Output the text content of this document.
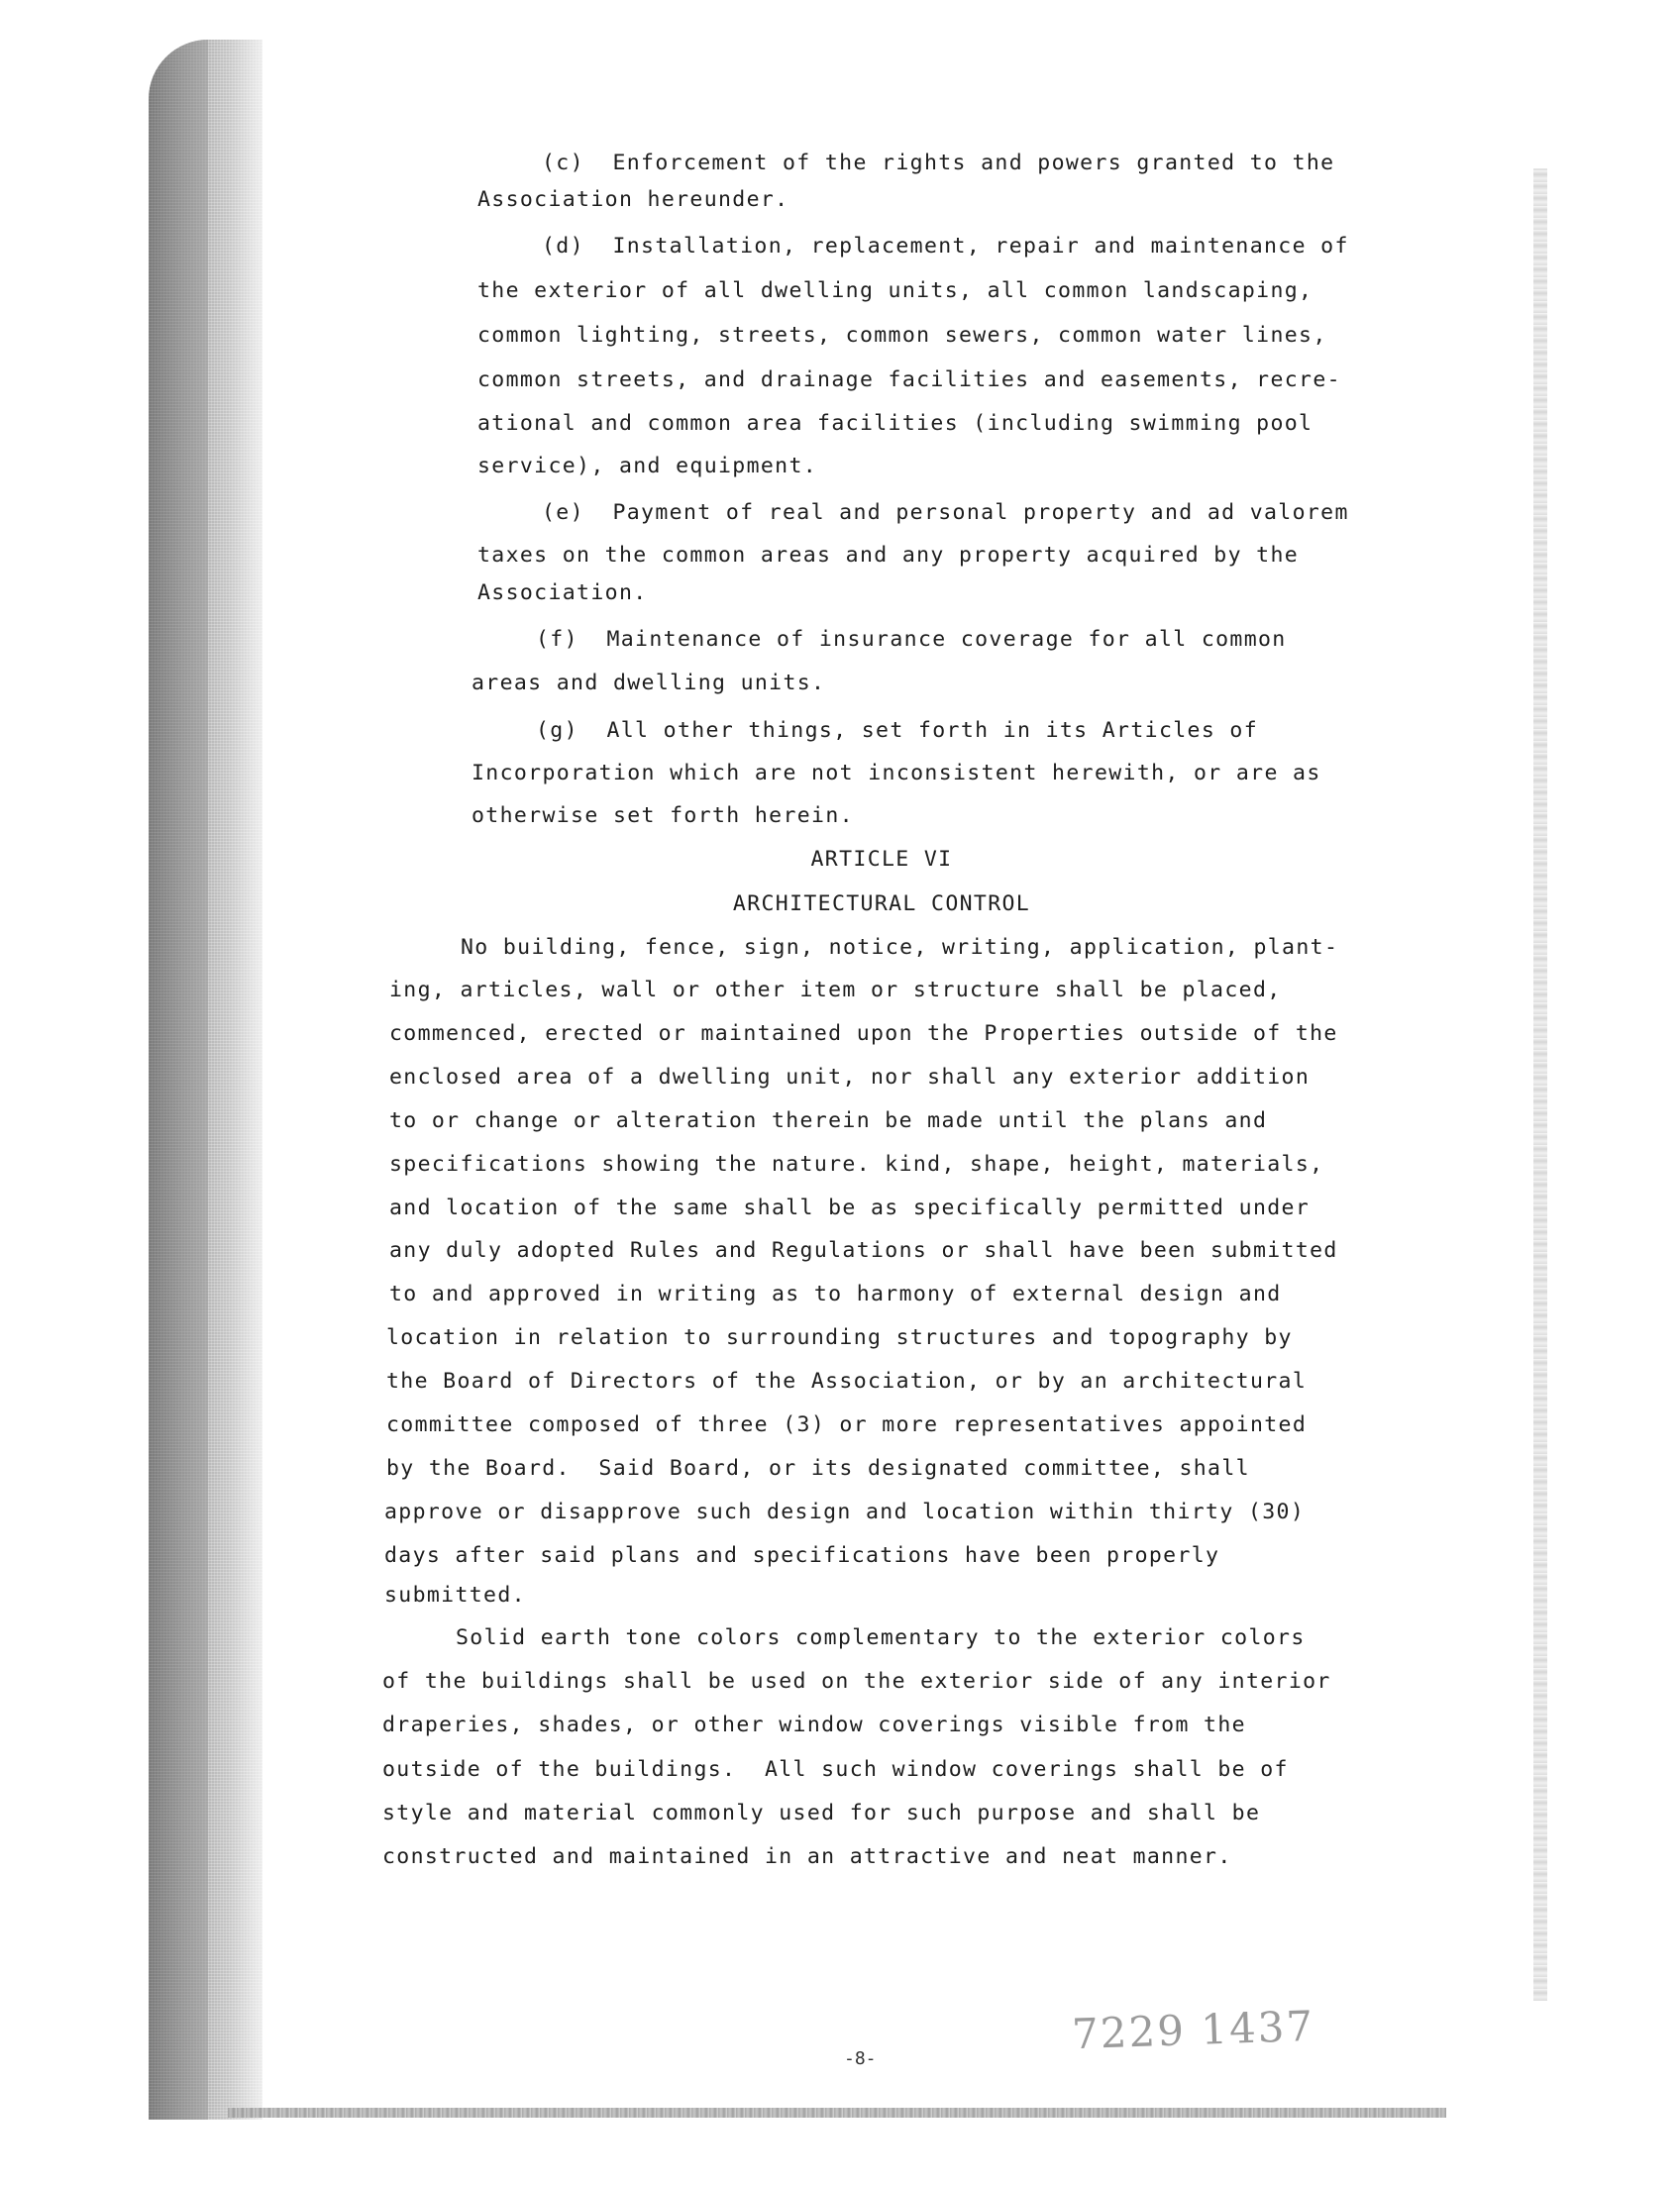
(c)  Enforcement of the rights and powers granted to the
Association hereunder.
(d)  Installation, replacement, repair and maintenance of
the exterior of all dwelling units, all common landscaping,
common lighting, streets, common sewers, common water lines,
common streets, and drainage facilities and easements, recre-
ational and common area facilities (including swimming pool
service), and equipment.
(e)  Payment of real and personal property and ad valorem
taxes on the common areas and any property acquired by the
Association.
(f)  Maintenance of insurance coverage for all common
areas and dwelling units.
(g)  All other things, set forth in its Articles of
Incorporation which are not inconsistent herewith, or are as
otherwise set forth herein.
ARTICLE VI
ARCHITECTURAL CONTROL
No building, fence, sign, notice, writing, application, plant-
ing, articles, wall or other item or structure shall be placed,
commenced, erected or maintained upon the Properties outside of the
enclosed area of a dwelling unit, nor shall any exterior addition
to or change or alteration therein be made until the plans and
specifications showing the nature. kind, shape, height, materials,
and location of the same shall be as specifically permitted under
any duly adopted Rules and Regulations or shall have been submitted
to and approved in writing as to harmony of external design and
location in relation to surrounding structures and topography by
the Board of Directors of the Association, or by an architectural
committee composed of three (3) or more representatives appointed
by the Board.  Said Board, or its designated committee, shall
approve or disapprove such design and location within thirty (30)
days after said plans and specifications have been properly
submitted.
Solid earth tone colors complementary to the exterior colors
of the buildings shall be used on the exterior side of any interior
draperies, shades, or other window coverings visible from the
outside of the buildings.  All such window coverings shall be of
style and material commonly used for such purpose and shall be
constructed and maintained in an attractive and neat manner.
7229 1437
-8-
